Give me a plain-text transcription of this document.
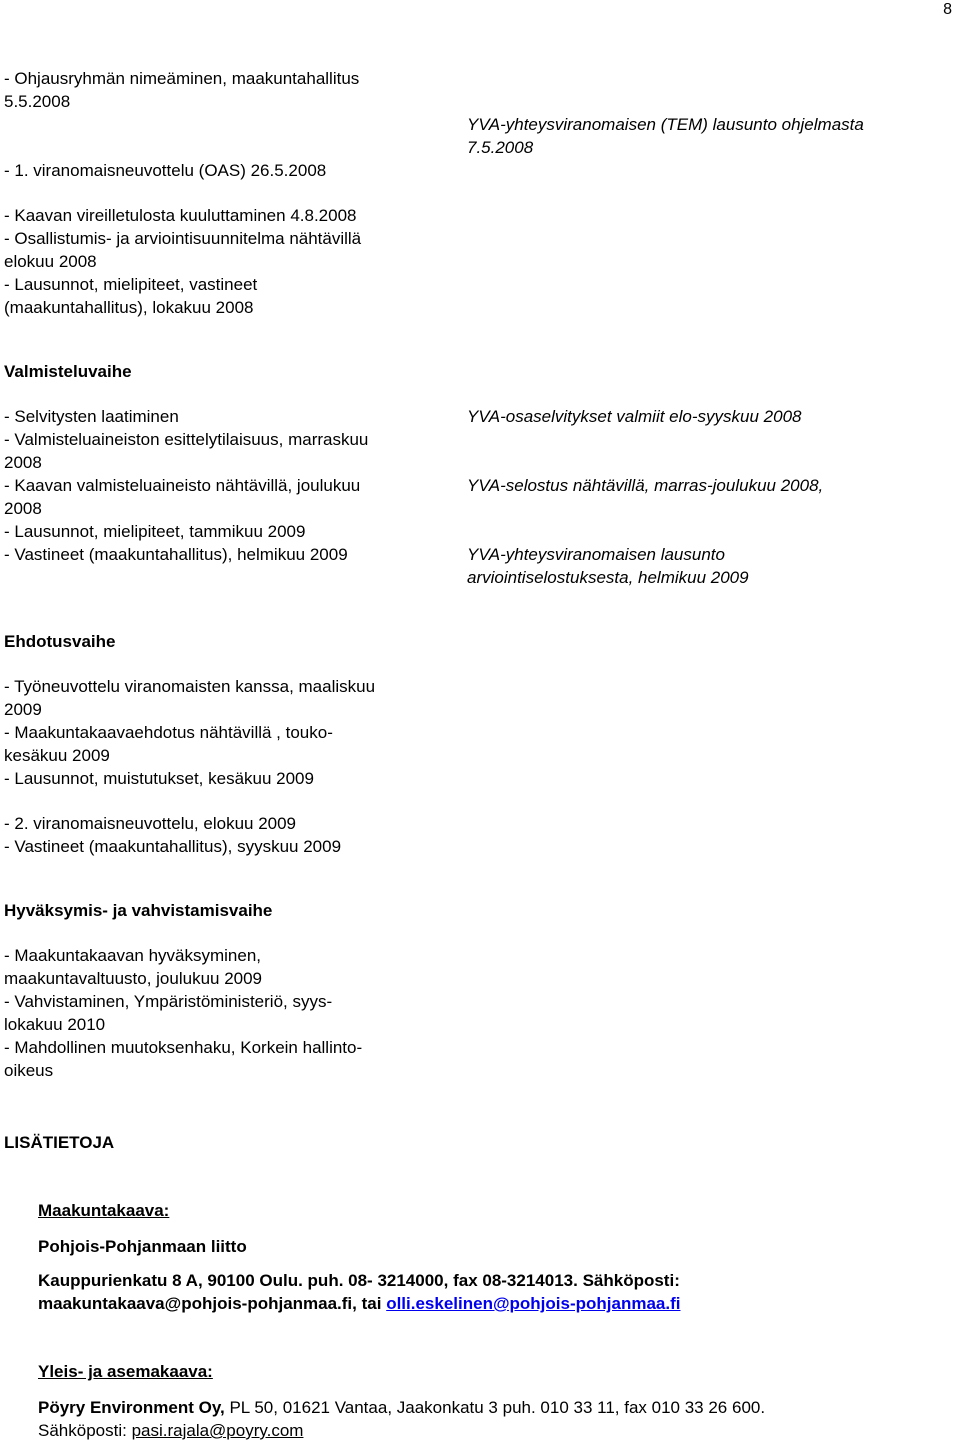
8
- Ohjausryhmän nimeäminen, maakuntahallitus
5.5.2008
YVA-yhteysviranomaisen (TEM) lausunto ohjelmasta
7.5.2008
- 1. viranomaisneuvottelu (OAS) 26.5.2008
- Kaavan vireilletulosta kuuluttaminen 4.8.2008
- Osallistumis- ja arviointisuunnitelma nähtävillä
elokuu 2008
- Lausunnot, mielipiteet, vastineet
(maakuntahallitus), lokakuu 2008
Valmisteluvaihe
- Selvitysten laatiminen
- Valmisteluaineiston esittelytilaisuus, marraskuu
2008
- Kaavan valmisteluaineisto nähtävillä, joulukuu
2008
- Lausunnot, mielipiteet, tammikuu 2009
- Vastineet (maakuntahallitus), helmikuu 2009
YVA-osaselvitykset valmiit elo-syyskuu 2008
YVA-selostus nähtävillä, marras-joulukuu 2008,
YVA-yhteysviranomaisen lausunto
arviointiselostuksesta, helmikuu 2009
Ehdotusvaihe
- Työneuvottelu viranomaisten kanssa, maaliskuu
2009
- Maakuntakaavaehdotus nähtävillä , touko-
kesäkuu 2009
- Lausunnot, muistutukset, kesäkuu 2009
- 2. viranomaisneuvottelu, elokuu 2009
- Vastineet (maakuntahallitus), syyskuu 2009
Hyväksymis- ja vahvistamisvaihe
- Maakuntakaavan hyväksyminen,
maakuntavaltuusto, joulukuu 2009
- Vahvistaminen, Ympäristöministeriö, syys-
lokakuu 2010
- Mahdollinen muutoksenhaku, Korkein hallinto-
oikeus
LISÄTIETOJA
Maakuntakaava:
Pohjois-Pohjanmaan liitto
Kauppurienkatu 8 A, 90100 Oulu. puh. 08- 3214000, fax 08-3214013. Sähköposti:
maakuntakaava@pohjois-pohjanmaa.fi, tai olli.eskelinen@pohjois-pohjanmaa.fi
Yleis- ja asemakaava:
Pöyry Environment Oy, PL 50, 01621 Vantaa, Jaakonkatu 3 puh. 010 33 11, fax 010 33 26 600.
Sähköposti: pasi.rajala@poyry.com
